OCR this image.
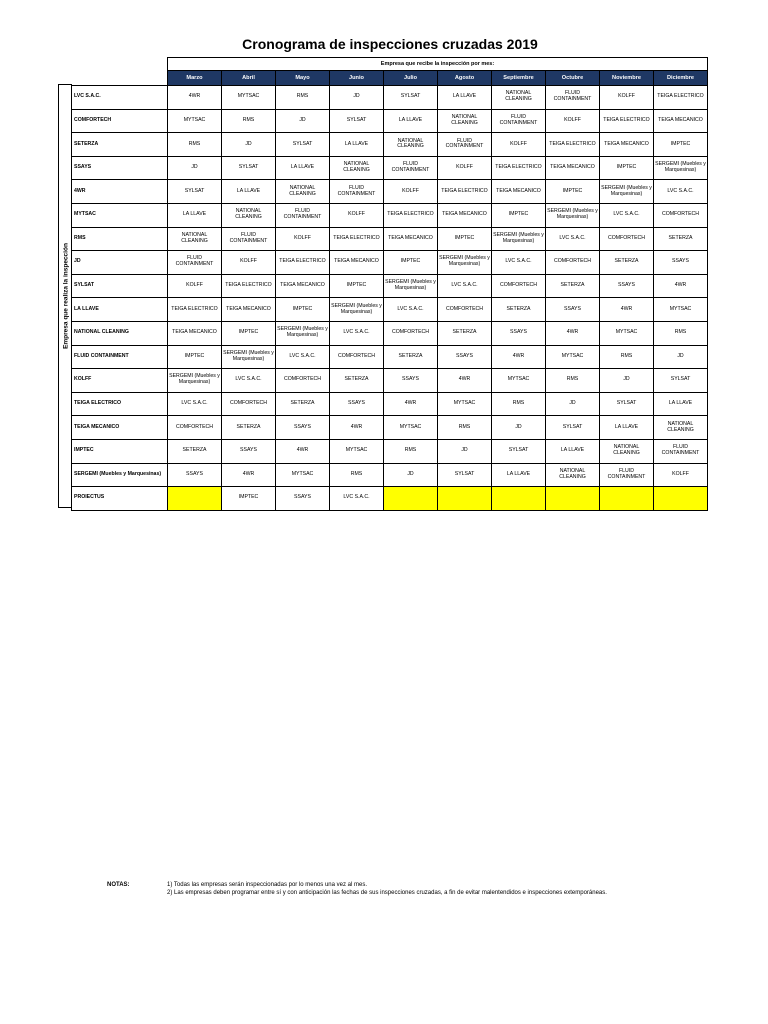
Cronograma de inspecciones cruzadas 2019
Empresa que realiza la inspección
	Empresa que recibe la inspección por mes:									
	Marzo	Abril	Mayo	Junio	Julio	Agosto	Septiembre	Octubre	Noviembre	Diciembre
LVC S.A.C.	4WR	MYTSAC	RMS	JD	SYLSAT	LA LLAVE	NATIONAL CLEANING	FLUID CONTAINMENT	KOLFF	TEIGA ELECTRICO
COMFORTECH	MYTSAC	RMS	JD	SYLSAT	LA LLAVE	NATIONAL CLEANING	FLUID CONTAINMENT	KOLFF	TEIGA ELECTRICO	TEIGA MECANICO
SETERZA	RMS	JD	SYLSAT	LA LLAVE	NATIONAL CLEANING	FLUID CONTAINMENT	KOLFF	TEIGA ELECTRICO	TEIGA MECANICO	IMPTEC
SSAYS	JD	SYLSAT	LA LLAVE	NATIONAL CLEANING	FLUID CONTAINMENT	KOLFF	TEIGA ELECTRICO	TEIGA MECANICO	IMPTEC	SERGEMI (Muebles y Marquesinas)
4WR	SYLSAT	LA LLAVE	NATIONAL CLEANING	FLUID CONTAINMENT	KOLFF	TEIGA ELECTRICO	TEIGA MECANICO	IMPTEC	SERGEMI (Muebles y Marquesinas)	LVC S.A.C.
MYTSAC	LA LLAVE	NATIONAL CLEANING	FLUID CONTAINMENT	KOLFF	TEIGA ELECTRICO	TEIGA MECANICO	IMPTEC	SERGEMI (Muebles y Marquesinas)	LVC S.A.C.	COMFORTECH
RMS	NATIONAL CLEANING	FLUID CONTAINMENT	KOLFF	TEIGA ELECTRICO	TEIGA MECANICO	IMPTEC	SERGEMI (Muebles y Marquesinas)	LVC S.A.C.	COMFORTECH	SETERZA
JD	FLUID CONTAINMENT	KOLFF	TEIGA ELECTRICO	TEIGA MECANICO	IMPTEC	SERGEMI (Muebles y Marquesinas)	LVC S.A.C.	COMFORTECH	SETERZA	SSAYS
SYLSAT	KOLFF	TEIGA ELECTRICO	TEIGA MECANICO	IMPTEC	SERGEMI (Muebles y Marquesinas)	LVC S.A.C.	COMFORTECH	SETERZA	SSAYS	4WR
LA LLAVE	TEIGA ELECTRICO	TEIGA MECANICO	IMPTEC	SERGEMI (Muebles y Marquesinas)	LVC S.A.C.	COMFORTECH	SETERZA	SSAYS	4WR	MYTSAC
NATIONAL CLEANING	TEIGA MECANICO	IMPTEC	SERGEMI (Muebles y Marquesinas)	LVC S.A.C.	COMFORTECH	SETERZA	SSAYS	4WR	MYTSAC	RMS
FLUID CONTAINMENT	IMPTEC	SERGEMI (Muebles y Marquesinas)	LVC S.A.C.	COMFORTECH	SETERZA	SSAYS	4WR	MYTSAC	RMS	JD
KOLFF	SERGEMI (Muebles y Marquesinas)	LVC S.A.C.	COMFORTECH	SETERZA	SSAYS	4WR	MYTSAC	RMS	JD	SYLSAT
TEIGA ELECTRICO	LVC S.A.C.	COMFORTECH	SETERZA	SSAYS	4WR	MYTSAC	RMS	JD	SYLSAT	LA LLAVE
TEIGA MECANICO	COMFORTECH	SETERZA	SSAYS	4WR	MYTSAC	RMS	JD	SYLSAT	LA LLAVE	NATIONAL CLEANING
IMPTEC	SETERZA	SSAYS	4WR	MYTSAC	RMS	JD	SYLSAT	LA LLAVE	NATIONAL CLEANING	FLUID CONTAINMENT
SERGEMI (Muebles y Marquesinas)	SSAYS	4WR	MYTSAC	RMS	JD	SYLSAT	LA LLAVE	NATIONAL CLEANING	FLUID CONTAINMENT	KOLFF
PROIECTUS		IMPTEC	SSAYS	LVC S.A.C.						
NOTAS:	1) Todas las empresas serán inspeccionadas por lo menos una vez al mes.
2) Las empresas deben programar entre sí y con anticipación las fechas de sus inspecciones cruzadas, a fin de evitar malentendidos e inspecciones extemporáneas.
